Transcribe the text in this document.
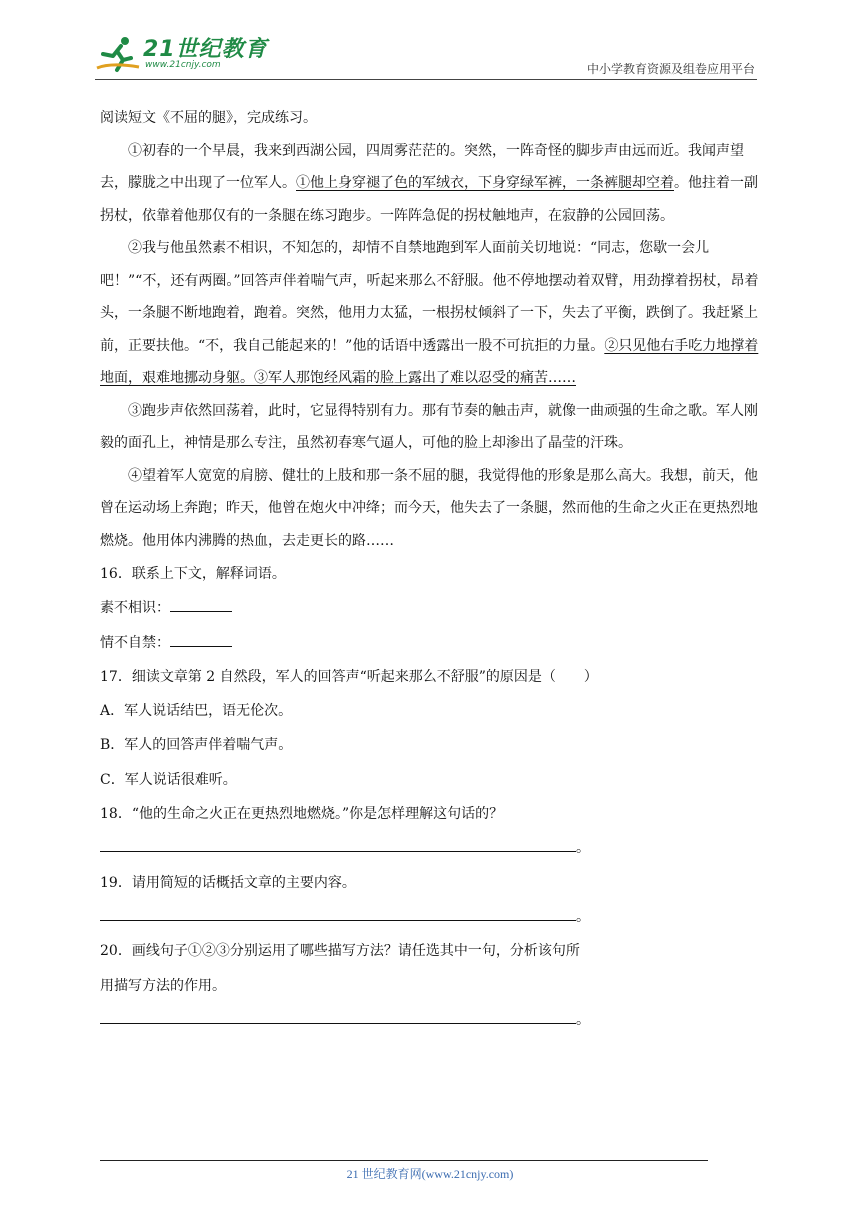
21世纪教育
www.21cnjy.com	中小学教育资源及组卷应用平台

阅读短文《不屈的腿》，完成练习。

①初春的一个早晨，我来到西湖公园，四周雾茫茫的。突然，一阵奇怪的脚步声由远而近。我闻声望去，朦胧之中出现了一位军人。①他上身穿褪了色的军绒衣，下身穿绿军裤，一条裤腿却空着。他拄着一副拐杖，依靠着他那仅有的一条腿在练习跑步。一阵阵急促的拐杖触地声，在寂静的公园回荡。

②我与他虽然素不相识，不知怎的，却情不自禁地跑到军人面前关切地说：“同志，您歇一会儿吧！”“不，还有两圈。”回答声伴着喘气声，听起来那么不舒服。他不停地摆动着双臂，用劲撑着拐杖，昂着头，一条腿不断地跑着，跑着。突然，他用力太猛，一根拐杖倾斜了一下，失去了平衡，跌倒了。我赶紧上前，正要扶他。“不，我自己能起来的！”他的话语中透露出一股不可抗拒的力量。②只见他右手吃力地撑着地面，艰难地挪动身躯。③军人那饱经风霜的脸上露出了难以忍受的痛苦……

③跑步声依然回荡着，此时，它显得特别有力。那有节奏的触击声，就像一曲顽强的生命之歌。军人刚毅的面孔上，神情是那么专注，虽然初春寒气逼人，可他的脸上却渗出了晶莹的汗珠。

④望着军人宽宽的肩膀、健壮的上肢和那一条不屈的腿，我觉得他的形象是那么高大。我想，前天，他曾在运动场上奔跑；昨天，他曾在炮火中冲绛；而今天，他失去了一条腿，然而他的生命之火正在更热烈地燃烧。他用体内沸腾的热血，去走更长的路……

16．联系上下文，解释词语。

素不相识：

情不自禁：

17．细读文章第 2 自然段，军人的回答声“听起来那么不舒服”的原因是（　　）

A．军人说话结巴，语无伦次。

B．军人的回答声伴着喘气声。

C．军人说话很难听。

18．“他的生命之火正在更热烈地燃烧。”你是怎样理解这句话的？

。

19．请用简短的话概括文章的主要内容。

。

20．画线句子①②③分别运用了哪些描写方法？请任选其中一句，分析该句所

用描写方法的作用。

。

21 世纪教育网(www.21cnjy.com)
